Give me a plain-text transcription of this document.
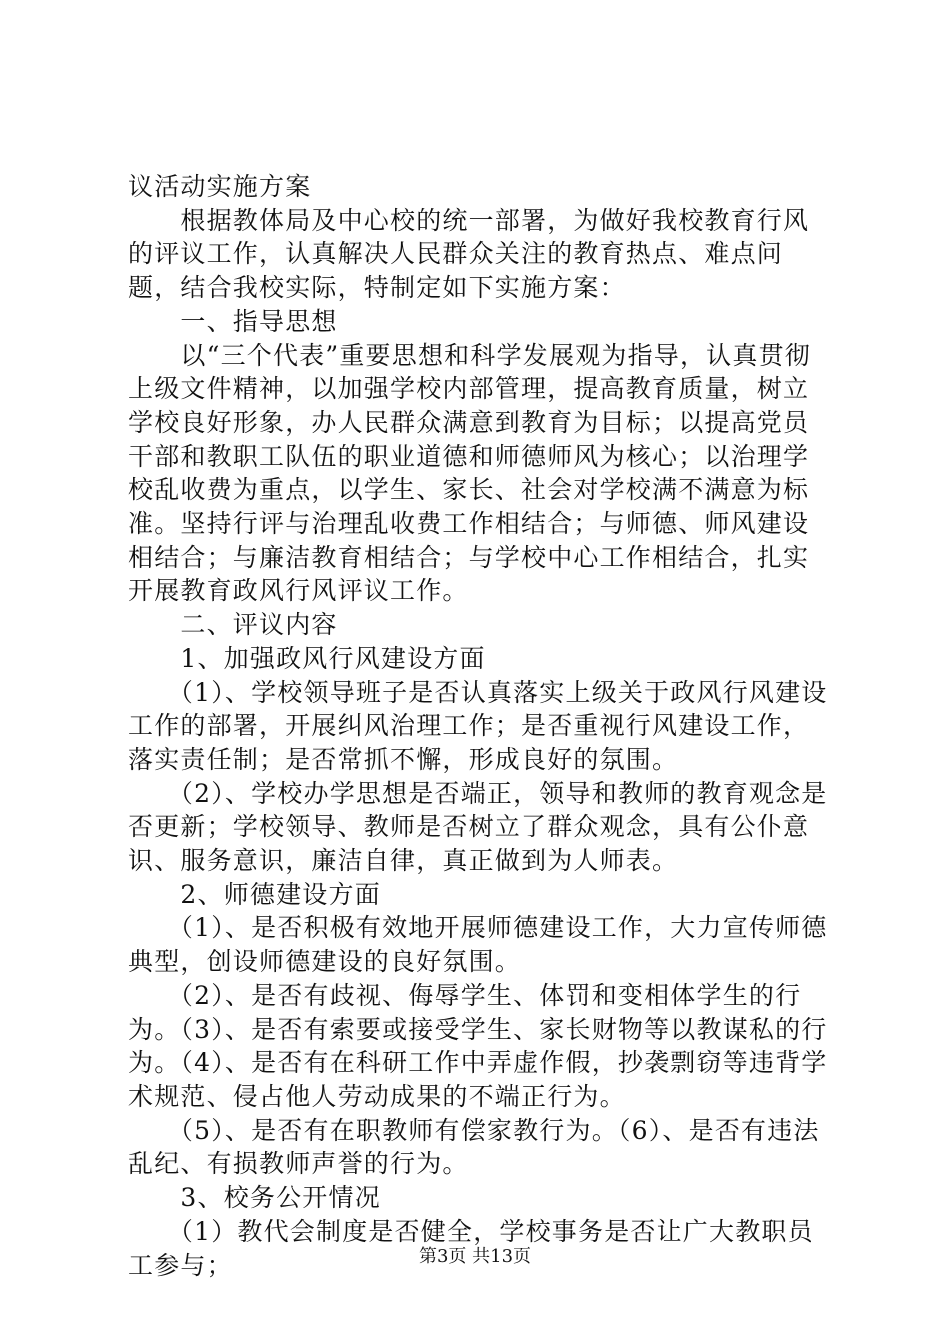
议活动实施方案

　　根据教体局及中心校的统一部署，为做好我校教育行风的评议工作，认真解决人民群众关注的教育热点、难点问题，结合我校实际，特制定如下实施方案：

　　一、指导思想

　　以“三个代表”重要思想和科学发展观为指导，认真贯彻上级文件精神，以加强学校内部管理，提高教育质量，树立学校良好形象，办人民群众满意到教育为目标；以提高党员干部和教职工队伍的职业道德和师德师风为核心；以治理学校乱收费为重点，以学生、家长、社会对学校满不满意为标准。坚持行评与治理乱收费工作相结合；与师德、师风建设相结合；与廉洁教育相结合；与学校中心工作相结合，扎实开展教育政风行风评议工作。

　　二、评议内容

　　1、加强政风行风建设方面

　　（1）、学校领导班子是否认真落实上级关于政风行风建设工作的部署，开展纠风治理工作；是否重视行风建设工作，落实责任制；是否常抓不懈，形成良好的氛围。

　　（2）、学校办学思想是否端正，领导和教师的教育观念是否更新；学校领导、教师是否树立了群众观念，具有公仆意识、服务意识，廉洁自律，真正做到为人师表。

　　2、师德建设方面

　　（1）、是否积极有效地开展师德建设工作，大力宣传师德典型，创设师德建设的良好氛围。

　　（2）、是否有歧视、侮辱学生、体罚和变相体学生的行为。（3）、是否有索要或接受学生、家长财物等以教谋私的行为。（4）、是否有在科研工作中弄虚作假，抄袭剽窃等违背学术规范、侵占他人劳动成果的不端正行为。

　　（5）、是否有在职教师有偿家教行为。（6）、是否有违法乱纪、有损教师声誉的行为。

　　3、校务公开情况

　　（1）教代会制度是否健全，学校事务是否让广大教职员工参与；	第3页 共13页
